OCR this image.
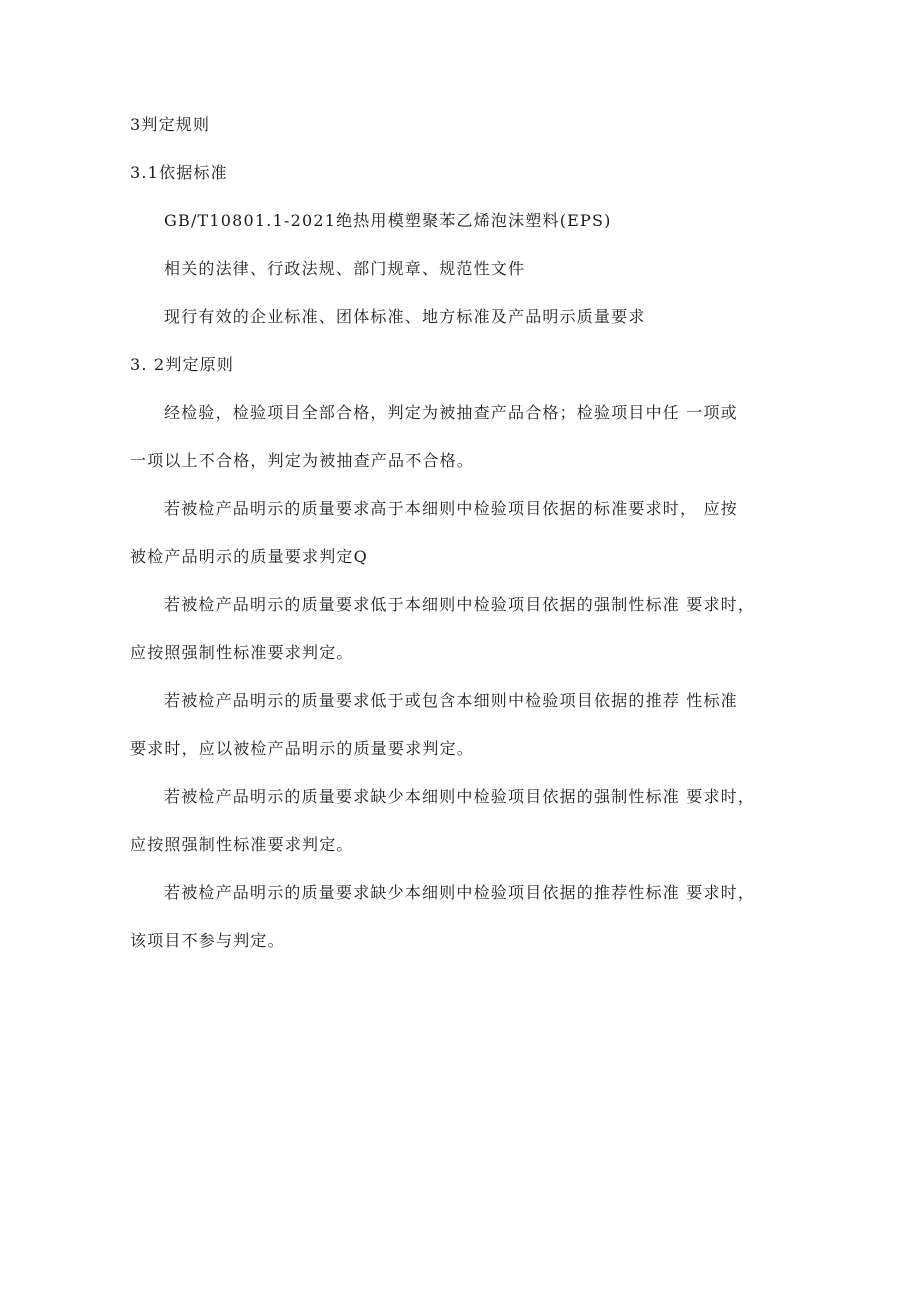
3判定规则
3.1依据标准
GB/T10801.1-2021绝热用模塑聚苯乙烯泡沫塑料(EPS)
相关的法律、行政法规、部门规章、规范性文件
现行有效的企业标准、团体标准、地方标准及产品明示质量要求
3. 2判定原则
经检验，检验项目全部合格，判定为被抽查产品合格；检验项目中任 一项或
一项以上不合格，判定为被抽查产品不合格。
若被检产品明示的质量要求高于本细则中检验项目依据的标准要求时， 应按
被检产品明示的质量要求判定Q
若被检产品明示的质量要求低于本细则中检验项目依据的强制性标准 要求时，
应按照强制性标准要求判定。
若被检产品明示的质量要求低于或包含本细则中检验项目依据的推荐 性标准
要求时，应以被检产品明示的质量要求判定。
若被检产品明示的质量要求缺少本细则中检验项目依据的强制性标准 要求时，
应按照强制性标准要求判定。
若被检产品明示的质量要求缺少本细则中检验项目依据的推荐性标准 要求时，
该项目不参与判定。
